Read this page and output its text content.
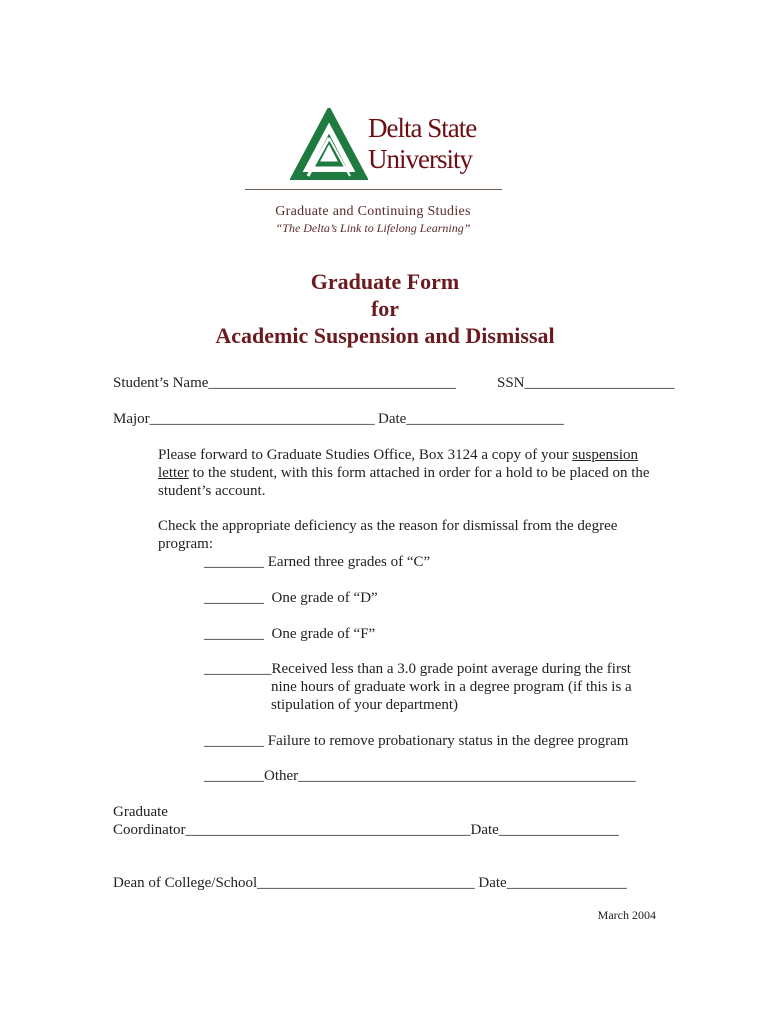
Delta State University
Graduate and Continuing Studies
“The Delta’s Link to Lifelong Learning”
Graduate Form
for
Academic Suspension and Dismissal
Student’s Name_________________________________	SSN____________________
Major______________________________ Date_____________________
Please forward to Graduate Studies Office, Box 3124 a copy of your suspension letter to the student, with this form attached in order for a hold to be placed on the student’s account.
Check the appropriate deficiency as the reason for dismissal from the degree program:
________ Earned three grades of “C”
________  One grade of “D”
________  One grade of “F”
_________Received less than a 3.0 grade point average during the first
nine hours of graduate work in a degree program (if this is a
stipulation of your department)
________ Failure to remove probationary status in the degree program
________Other_____________________________________________
Graduate
Coordinator______________________________________Date________________
Dean of College/School_____________________________ Date________________
March 2004
